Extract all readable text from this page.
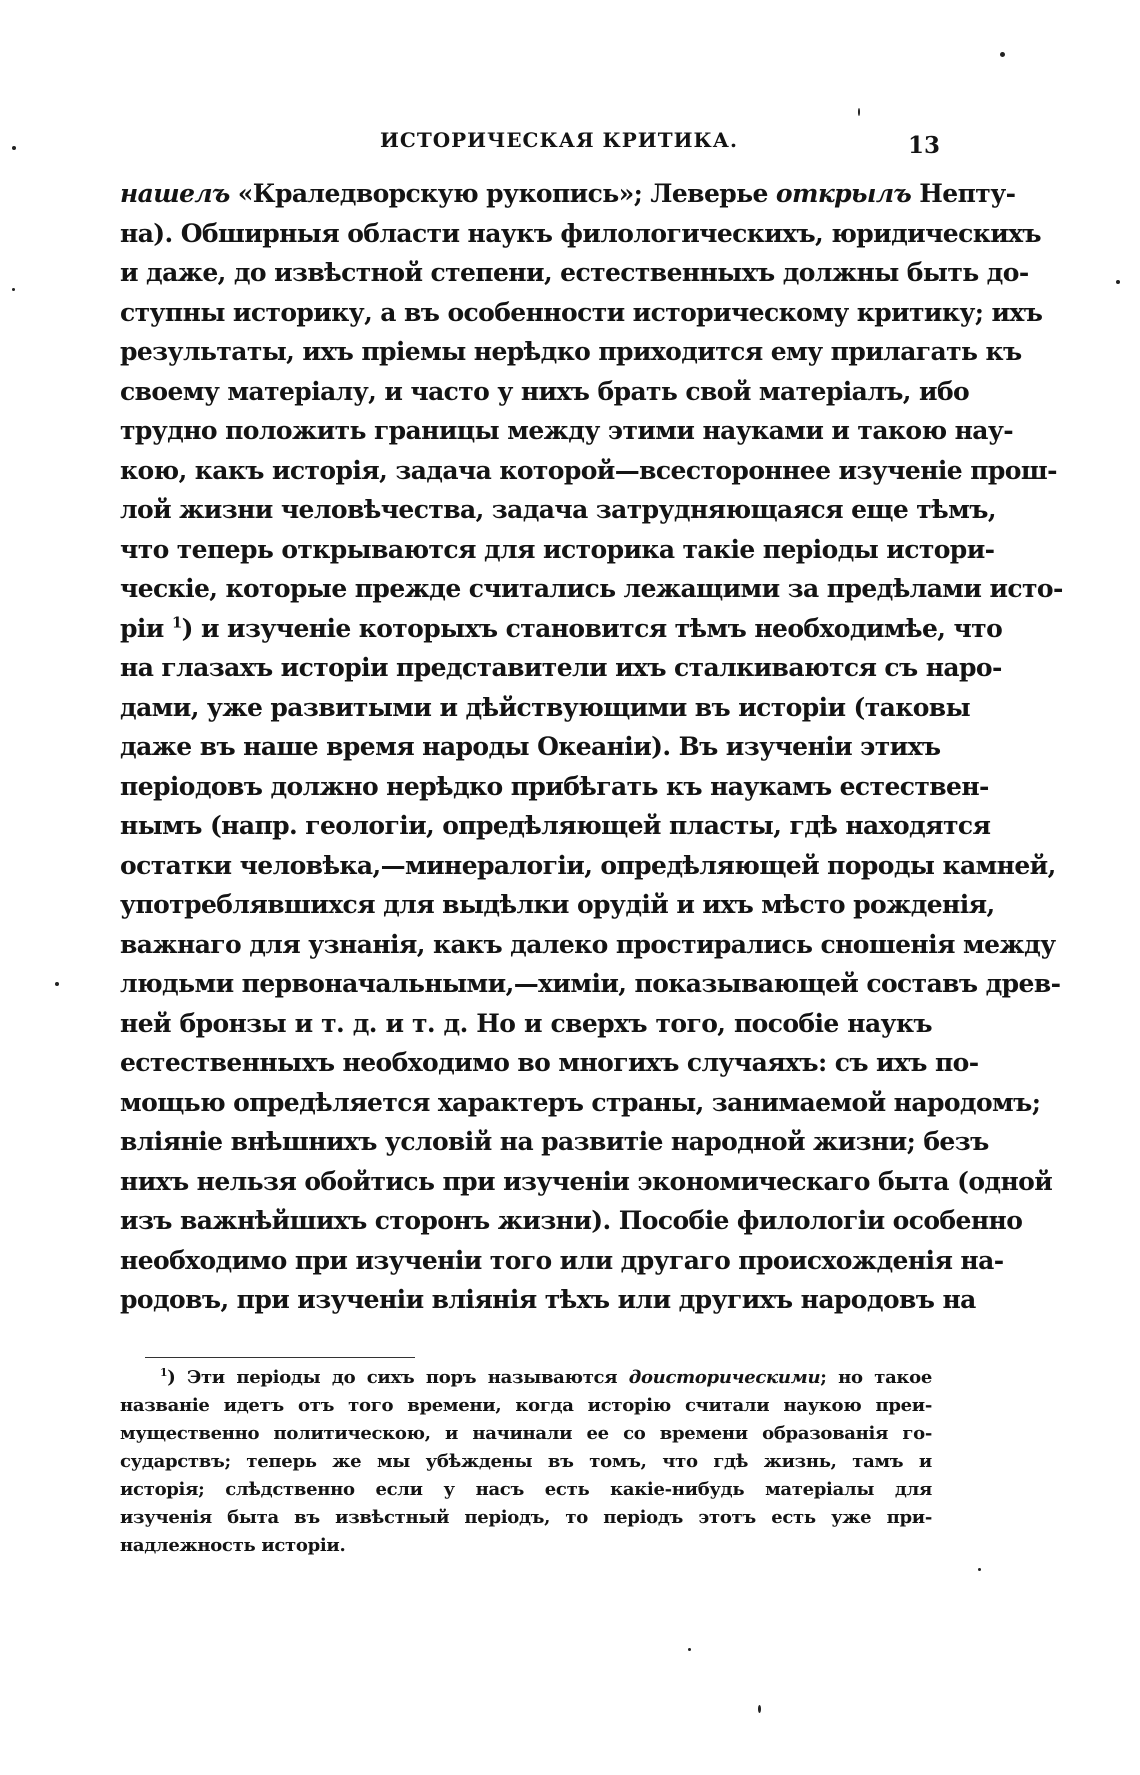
ИСТОРИЧЕСКАЯ КРИТИКА.	13
нашелъ «Краледворскую рукопись»; Леверье открылъ Непту-
на). Обширныя области наукъ филологическихъ, юридическихъ
и даже, до извѣстной степени, естественныхъ должны быть до-
ступны историку, а въ особенности историческому критику; ихъ
результаты, ихъ пріемы нерѣдко приходится ему прилагать къ
своему матеріалу, и часто у нихъ брать свой матеріалъ, ибо
трудно положить границы между этими науками и такою нау-
кою, какъ исторія, задача которой—всестороннее изученіе прош-
лой жизни человѣчества, задача затрудняющаяся еще тѣмъ,
что теперь открываются для историка такіе періоды истори-
ческіе, которые прежде считались лежащими за предѣлами исто-
ріи $^1$) и изученіе которыхъ становится тѣмъ необходимѣе, что
на глазахъ исторіи представители ихъ сталкиваются съ наро-
дами, уже развитыми и дѣйствующими въ исторіи (таковы
даже въ наше время народы Океаніи). Въ изученіи этихъ
періодовъ должно нерѣдко прибѣгать къ наукамъ естествен-
нымъ (напр. геологіи, опредѣляющей пласты, гдѣ находятся
остатки человѣка,—минералогіи, опредѣляющей породы камней,
употреблявшихся для выдѣлки орудій и ихъ мѣсто рожденія,
важнаго для узнанія, какъ далеко простирались сношенія между
людьми первоначальными,—химіи, показывающей составъ древ-
ней бронзы и т. д. и т. д. Но и сверхъ того, пособіе наукъ
естественныхъ необходимо во многихъ случаяхъ: съ ихъ по-
мощью опредѣляется характеръ страны, занимаемой народомъ;
вліяніе внѣшнихъ условій на развитіе народной жизни; безъ
нихъ нельзя обойтись при изученіи экономическаго быта (одной
изъ важнѣйшихъ сторонъ жизни). Пособіе филологіи особенно
необходимо при изученіи того или другаго происхожденія на-
родовъ, при изученіи вліянія тѣхъ или другихъ народовъ на
$^1$) Эти періоды до сихъ поръ называются доисторическими; но такое
названіе идетъ отъ того времени, когда исторію считали наукою преи-
мущественно политическою, и начинали ее со времени образованія го-
сударствъ; теперь же мы убѣждены въ томъ, что гдѣ жизнь, тамъ и
исторія; слѣдственно если у насъ есть какіе-нибудь матеріалы для
изученія быта въ извѣстный періодъ, то періодъ этотъ есть уже при-
надлежность исторіи.
